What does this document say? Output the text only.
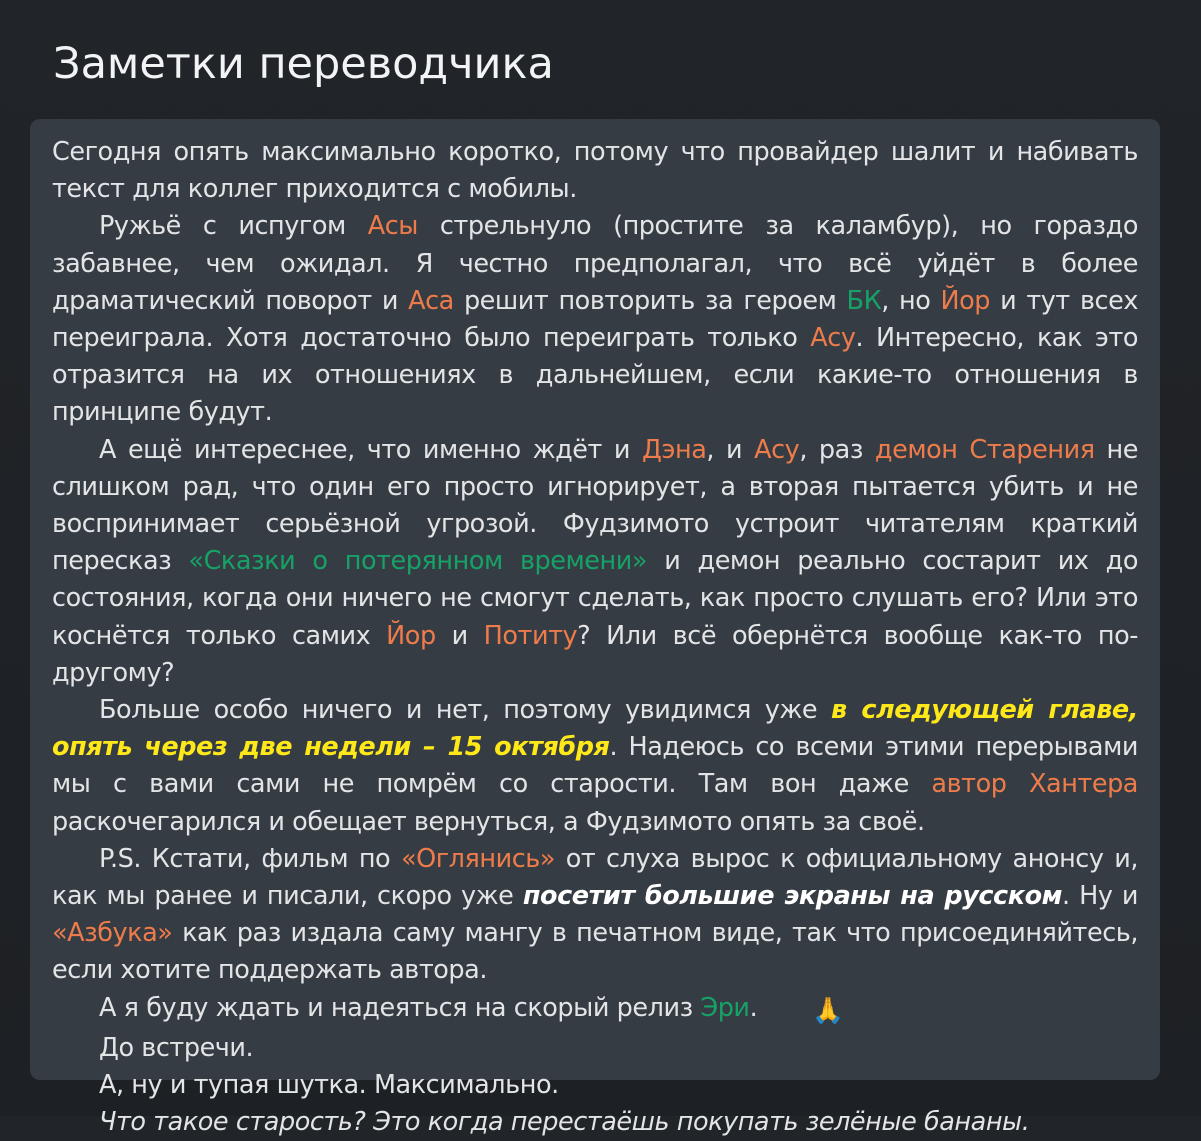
Заметки переводчика

Сегодня опять максимально коротко, потому что провайдер шалит и набивать текст для коллег приходится с мобилы.

Ружьё с испугом Асы стрельнуло (простите за каламбур), но гораздо забавнее, чем ожидал. Я честно предполагал, что всё уйдёт в более драматический поворот и Аса решит повторить за героем БК, но Йор и тут всех переиграла. Хотя достаточно было переиграть только Асу. Интересно, как это отразится на их отношениях в дальнейшем, если какие-то отношения в принципе будут.

А ещё интереснее, что именно ждёт и Дэна, и Асу, раз демон Старения не слишком рад, что один его просто игнорирует, а вторая пытается убить и не воспринимает серьёзной угрозой. Фудзимото устроит читателям краткий пересказ «Сказки о потерянном времени» и демон реально состарит их до состояния, когда они ничего не смогут сделать, как просто слушать его? Или это коснётся только самих Йор и Потиту? Или всё обернётся вообще как-то по-другому?

Больше особо ничего и нет, поэтому увидимся уже в следующей главе, опять через две недели – 15 октября. Надеюсь со всеми этими перерывами мы с вами сами не помрём со старости. Там вон даже автор Хантера раскочегарился и обещает вернуться, а Фудзимото опять за своё.

P.S. Кстати, фильм по «Оглянись» от слуха вырос к официальному анонсу и, как мы ранее и писали, скоро уже посетит большие экраны на русском. Ну и «Азбука» как раз издала саму мангу в печатном виде, так что присоединяйтесь, если хотите поддержать автора.

А я буду ждать и надеяться на скорый релиз Эри. 🙏

До встречи.

А, ну и тупая шутка. Максимально.

Что такое старость? Это когда перестаёшь покупать зелёные бананы.
